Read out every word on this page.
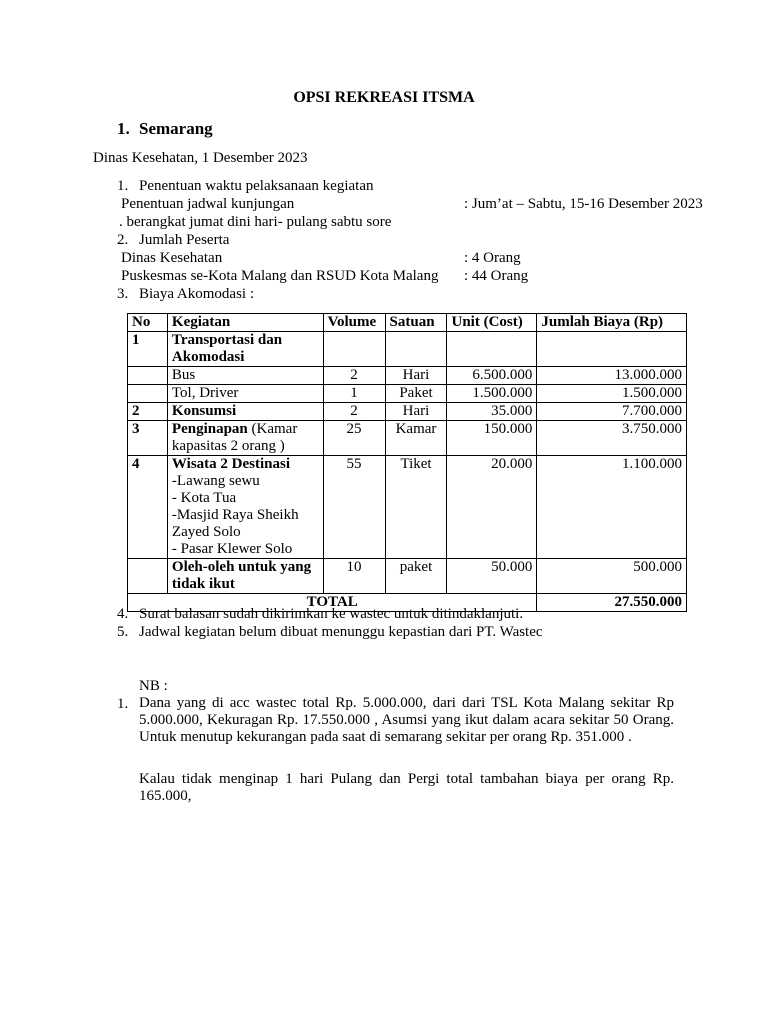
OPSI REKREASI ITSMA
1. Semarang
Dinas Kesehatan, 1 Desember 2023
1. Penentuan waktu pelaksanaan kegiatan
Penentuan jadwal kunjungan	: Jum’at – Sabtu, 15-16 Desember 2023
. berangkat jumat dini hari- pulang sabtu sore
2. Jumlah Peserta
Dinas Kesehatan	: 4 Orang
Puskesmas se-Kota Malang dan RSUD Kota Malang : 44 Orang
3. Biaya Akomodasi :
No	Kegiatan	Volume	Satuan	Unit (Cost)	Jumlah Biaya (Rp)
1	Transportasi dan Akomodasi				
	Bus	2	Hari	6.500.000	13.000.000
	Tol, Driver	1	Paket	1.500.000	1.500.000
2	Konsumsi	2	Hari	35.000	7.700.000
3	Penginapan (Kamar kapasitas 2 orang )	25	Kamar	150.000	3.750.000
4	Wisata 2 Destinasi
-Lawang sewu
- Kota Tua
-Masjid Raya Sheikh Zayed Solo
- Pasar Klewer Solo	55	Tiket	20.000	1.100.000
	Oleh-oleh untuk yang tidak ikut	10	paket	50.000	500.000
TOTAL					27.550.000
4. Surat balasan sudah dikirimkan ke wastec untuk ditindaklanjuti.
5. Jadwal kegiatan belum dibuat menunggu kepastian dari PT. Wastec
NB :
1. Dana yang di acc wastec total Rp. 5.000.000, dari dari TSL Kota Malang sekitar Rp 5.000.000, Kekuragan Rp. 17.550.000 , Asumsi yang ikut dalam acara sekitar 50 Orang. Untuk menutup kekurangan pada saat di semarang sekitar per orang Rp. 351.000 .
Kalau tidak menginap 1 hari Pulang dan Pergi total tambahan biaya per orang Rp. 165.000,
